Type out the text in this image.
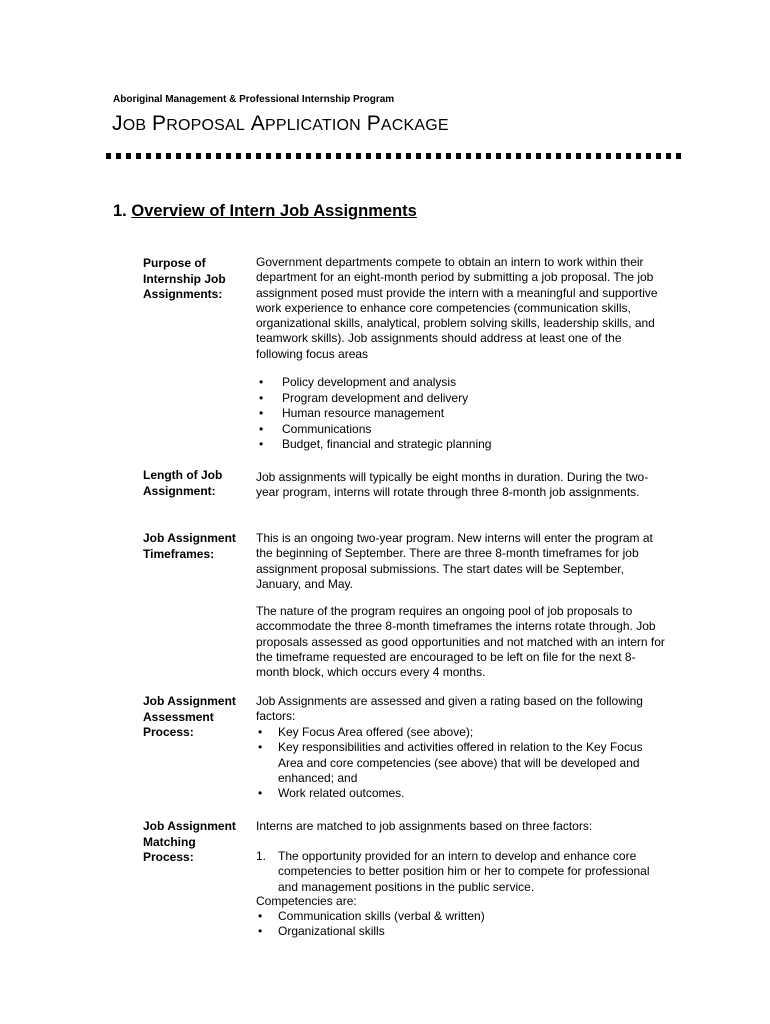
Aboriginal Management & Professional Internship Program
JOB PROPOSAL APPLICATION PACKAGE
1. Overview of Intern Job Assignments
Purpose of Internship Job Assignments:
Government departments compete to obtain an intern to work within their department for an eight-month period by submitting a job proposal. The job assignment posed must provide the intern with a meaningful and supportive work experience to enhance core competencies (communication skills, organizational skills, analytical, problem solving skills, leadership skills, and teamwork skills). Job assignments should address at least one of the following focus areas
• Policy development and analysis
• Program development and delivery
• Human resource management
• Communications
• Budget, financial and strategic planning
Length of Job Assignment:
Job assignments will typically be eight months in duration. During the two-year program, interns will rotate through three 8-month job assignments.
Job Assignment Timeframes:
This is an ongoing two-year program. New interns will enter the program at the beginning of September. There are three 8-month timeframes for job assignment proposal submissions. The start dates will be September, January, and May.
The nature of the program requires an ongoing pool of job proposals to accommodate the three 8-month timeframes the interns rotate through. Job proposals assessed as good opportunities and not matched with an intern for the timeframe requested are encouraged to be left on file for the next 8-month block, which occurs every 4 months.
Job Assignment Assessment Process:
Job Assignments are assessed and given a rating based on the following factors:
• Key Focus Area offered (see above);
• Key responsibilities and activities offered in relation to the Key Focus Area and core competencies (see above) that will be developed and enhanced; and
• Work related outcomes.
Job Assignment Matching Process:
Interns are matched to job assignments based on three factors:
1. The opportunity provided for an intern to develop and enhance core competencies to better position him or her to compete for professional and management positions in the public service.
Competencies are:
• Communication skills (verbal & written)
• Organizational skills
